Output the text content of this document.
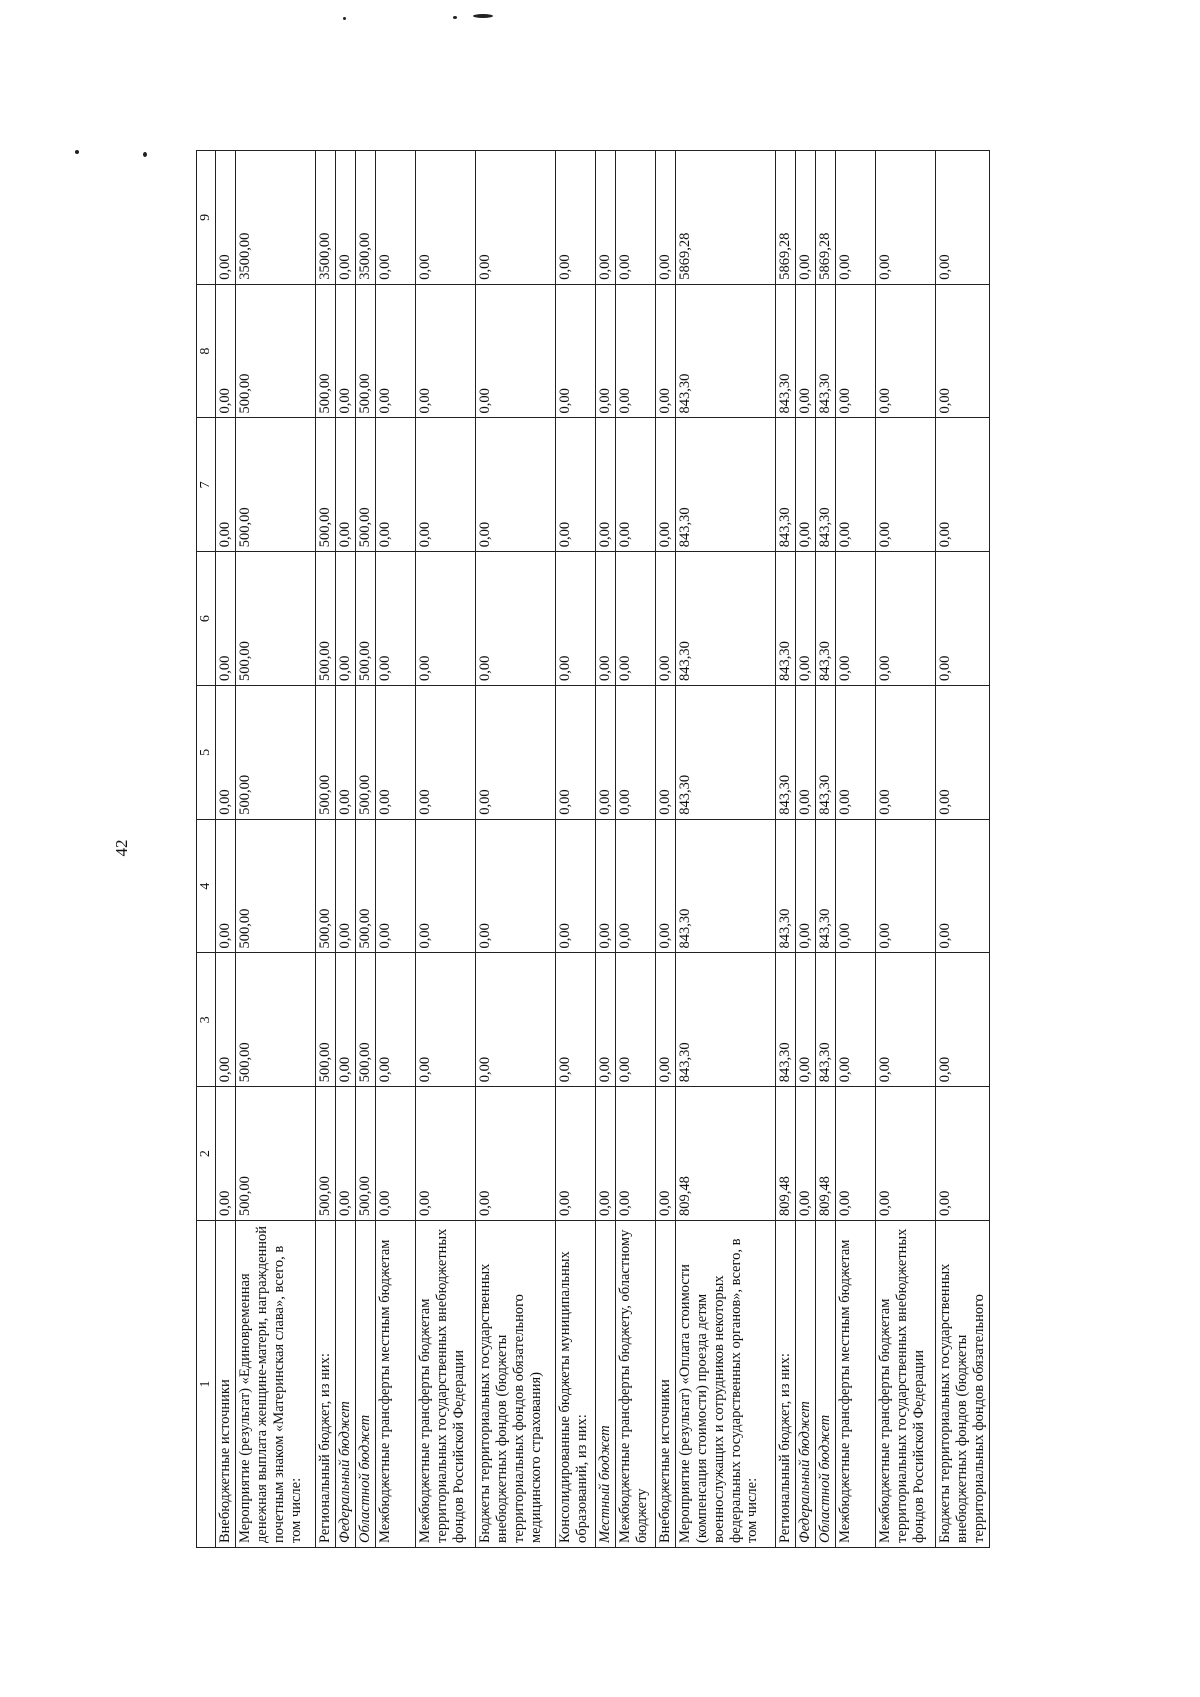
42
1	2	3	4	5	6	7	8	9
Внебюджетные источники	0,00	0,00	0,00	0,00	0,00	0,00	0,00	0,00
Мероприятие (результат) «Единовременная денежная выплата женщине-матери, награжденной почетным знаком «Материнская слава», всего, в том числе:	500,00	500,00	500,00	500,00	500,00	500,00	500,00	3500,00
Региональный бюджет, из них:	500,00	500,00	500,00	500,00	500,00	500,00	500,00	3500,00
Федеральный бюджет	0,00	0,00	0,00	0,00	0,00	0,00	0,00	0,00
Областной бюджет	500,00	500,00	500,00	500,00	500,00	500,00	500,00	3500,00
Межбюджетные трансферты местным бюджетам	0,00	0,00	0,00	0,00	0,00	0,00	0,00	0,00
Межбюджетные трансферты бюджетам территориальных государственных внебюджетных фондов Российской Федерации	0,00	0,00	0,00	0,00	0,00	0,00	0,00	0,00
Бюджеты территориальных государственных внебюджетных фондов (бюджеты территориальных фондов обязательного медицинского страхования)	0,00	0,00	0,00	0,00	0,00	0,00	0,00	0,00
Консолидированные бюджеты муниципальных образований, из них:	0,00	0,00	0,00	0,00	0,00	0,00	0,00	0,00
Местный бюджет	0,00	0,00	0,00	0,00	0,00	0,00	0,00	0,00
Межбюджетные трансферты бюджету, областному бюджету	0,00	0,00	0,00	0,00	0,00	0,00	0,00	0,00
Внебюджетные источники	0,00	0,00	0,00	0,00	0,00	0,00	0,00	0,00
Мероприятие (результат) «Оплата стоимости (компенсация стоимости) проезда детям военнослужащих и сотрудников некоторых федеральных государственных органов», всего, в том числе:	809,48	843,30	843,30	843,30	843,30	843,30	843,30	5869,28
Региональный бюджет, из них:	809,48	843,30	843,30	843,30	843,30	843,30	843,30	5869,28
Федеральный бюджет	0,00	0,00	0,00	0,00	0,00	0,00	0,00	0,00
Областной бюджет	809,48	843,30	843,30	843,30	843,30	843,30	843,30	5869,28
Межбюджетные трансферты местным бюджетам	0,00	0,00	0,00	0,00	0,00	0,00	0,00	0,00
Межбюджетные трансферты бюджетам территориальных государственных внебюджетных фондов Российской Федерации	0,00	0,00	0,00	0,00	0,00	0,00	0,00	0,00
Бюджеты территориальных государственных внебюджетных фондов (бюджеты территориальных фондов обязательного	0,00	0,00	0,00	0,00	0,00	0,00	0,00	0,00
